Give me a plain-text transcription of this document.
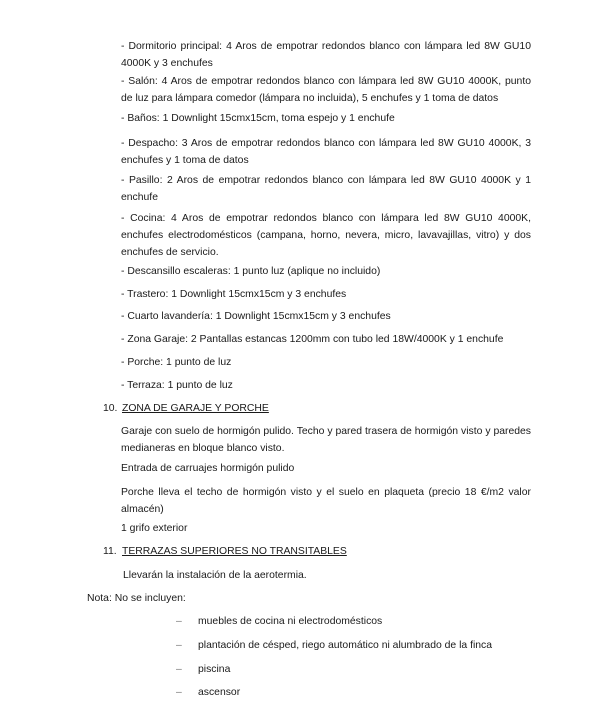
- Dormitorio principal: 4 Aros de empotrar redondos blanco con lámpara led 8W GU10 4000K y 3 enchufes

- Salón: 4 Aros de empotrar redondos blanco con lámpara led 8W GU10 4000K, punto de luz para lámpara comedor (lámpara no incluida), 5 enchufes y 1 toma de datos

- Baños: 1 Downlight 15cmx15cm, toma espejo y 1 enchufe

- Despacho: 3 Aros de empotrar redondos blanco con lámpara led 8W GU10 4000K, 3 enchufes y 1 toma de datos

- Pasillo: 2 Aros de empotrar redondos blanco con lámpara led 8W GU10 4000K y 1 enchufe

- Cocina: 4 Aros de empotrar redondos blanco con lámpara led 8W GU10 4000K, enchufes electrodomésticos (campana, horno, nevera, micro, lavavajillas, vitro) y dos enchufes de servicio.

- Descansillo escaleras: 1 punto luz (aplique no incluido)

- Trastero: 1 Downlight 15cmx15cm y 3 enchufes

- Cuarto lavandería: 1 Downlight 15cmx15cm y 3 enchufes

- Zona Garaje: 2 Pantallas estancas 1200mm con tubo led 18W/4000K y 1 enchufe

- Porche: 1 punto de luz

- Terraza: 1 punto de luz

10. ZONA DE GARAJE Y PORCHE

Garaje con suelo de hormigón pulido. Techo y pared trasera de hormigón visto y paredes medianeras en bloque blanco visto.

Entrada de carruajes hormigón pulido

Porche lleva el techo de hormigón visto y el suelo en plaqueta (precio 18 €/m2 valor almacén)

1 grifo exterior

11. TERRAZAS SUPERIORES NO TRANSITABLES

Llevarán la instalación de la aerotermia.

Nota: No se incluyen:

– muebles de cocina ni electrodomésticos

– plantación de césped, riego automático ni alumbrado de la finca

– piscina

– ascensor
